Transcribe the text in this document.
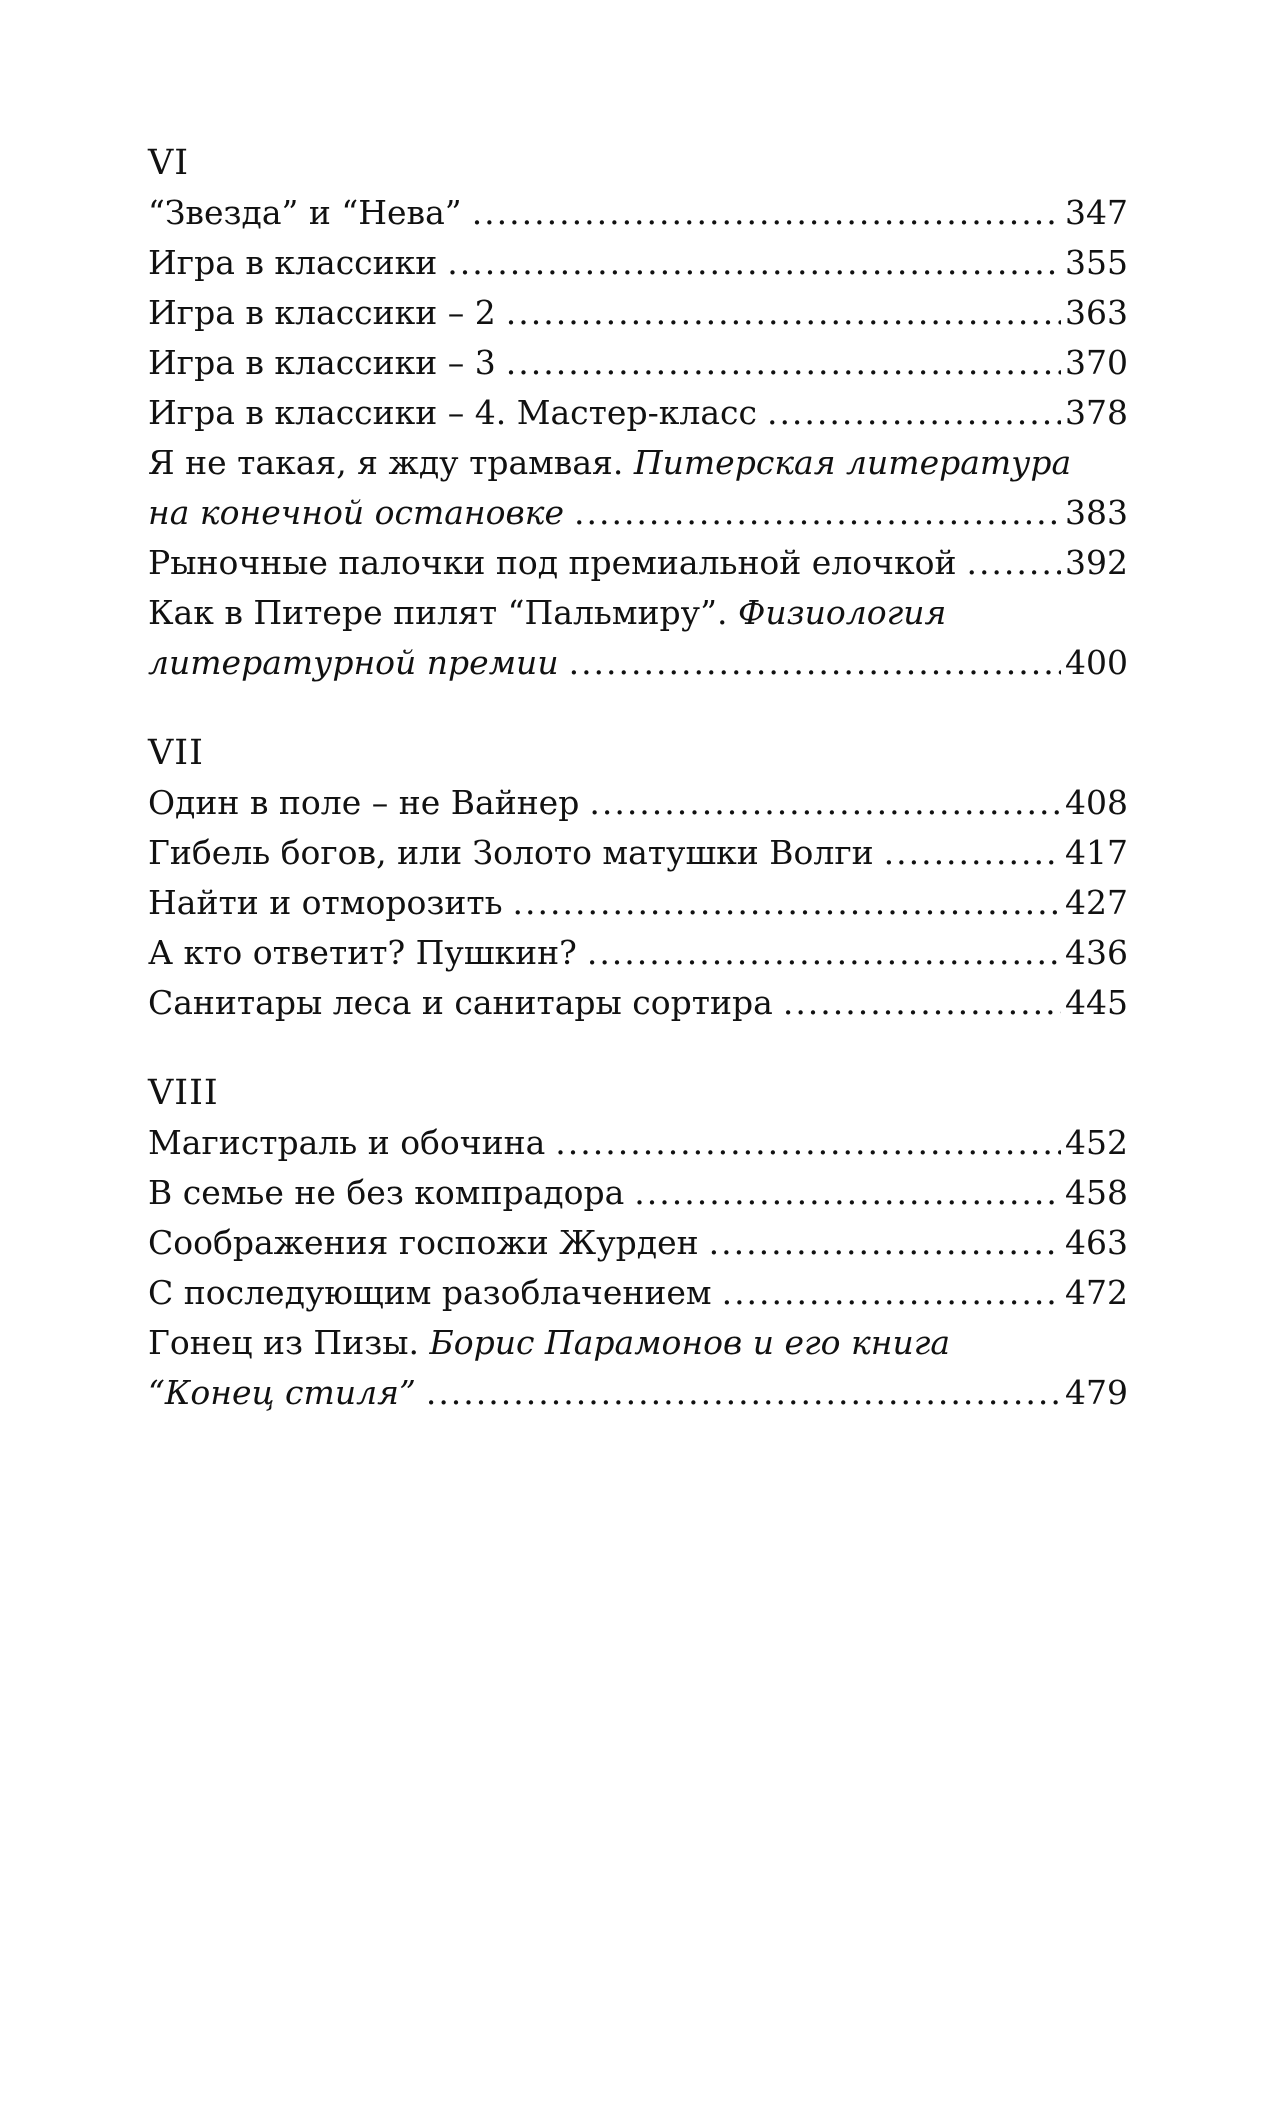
VI
“Звезда” и “Нева” .....	347
Игра в классики .....	355
Игра в классики – 2 .....	363
Игра в классики – 3 .....	370
Игра в классики – 4. Мастер-класс .....	378
Я не такая, я жду трамвая. Питерская литература
на конечной остановке .....	383
Рыночные палочки под премиальной елочкой .....	392
Как в Питере пилят “Пальмиру”. Физиология
литературной премии .....	400
VII
Один в поле – не Вайнер .....	408
Гибель богов, или Золото матушки Волги .....	417
Найти и отморозить .....	427
А кто ответит? Пушкин? .....	436
Санитары леса и санитары сортира .....	445
VIII
Магистраль и обочина .....	452
В семье не без компрадора .....	458
Соображения госпожи Журден .....	463
С последующим разоблачением .....	472
Гонец из Пизы. Борис Парамонов и его книга
“Конец стиля” .....	479
